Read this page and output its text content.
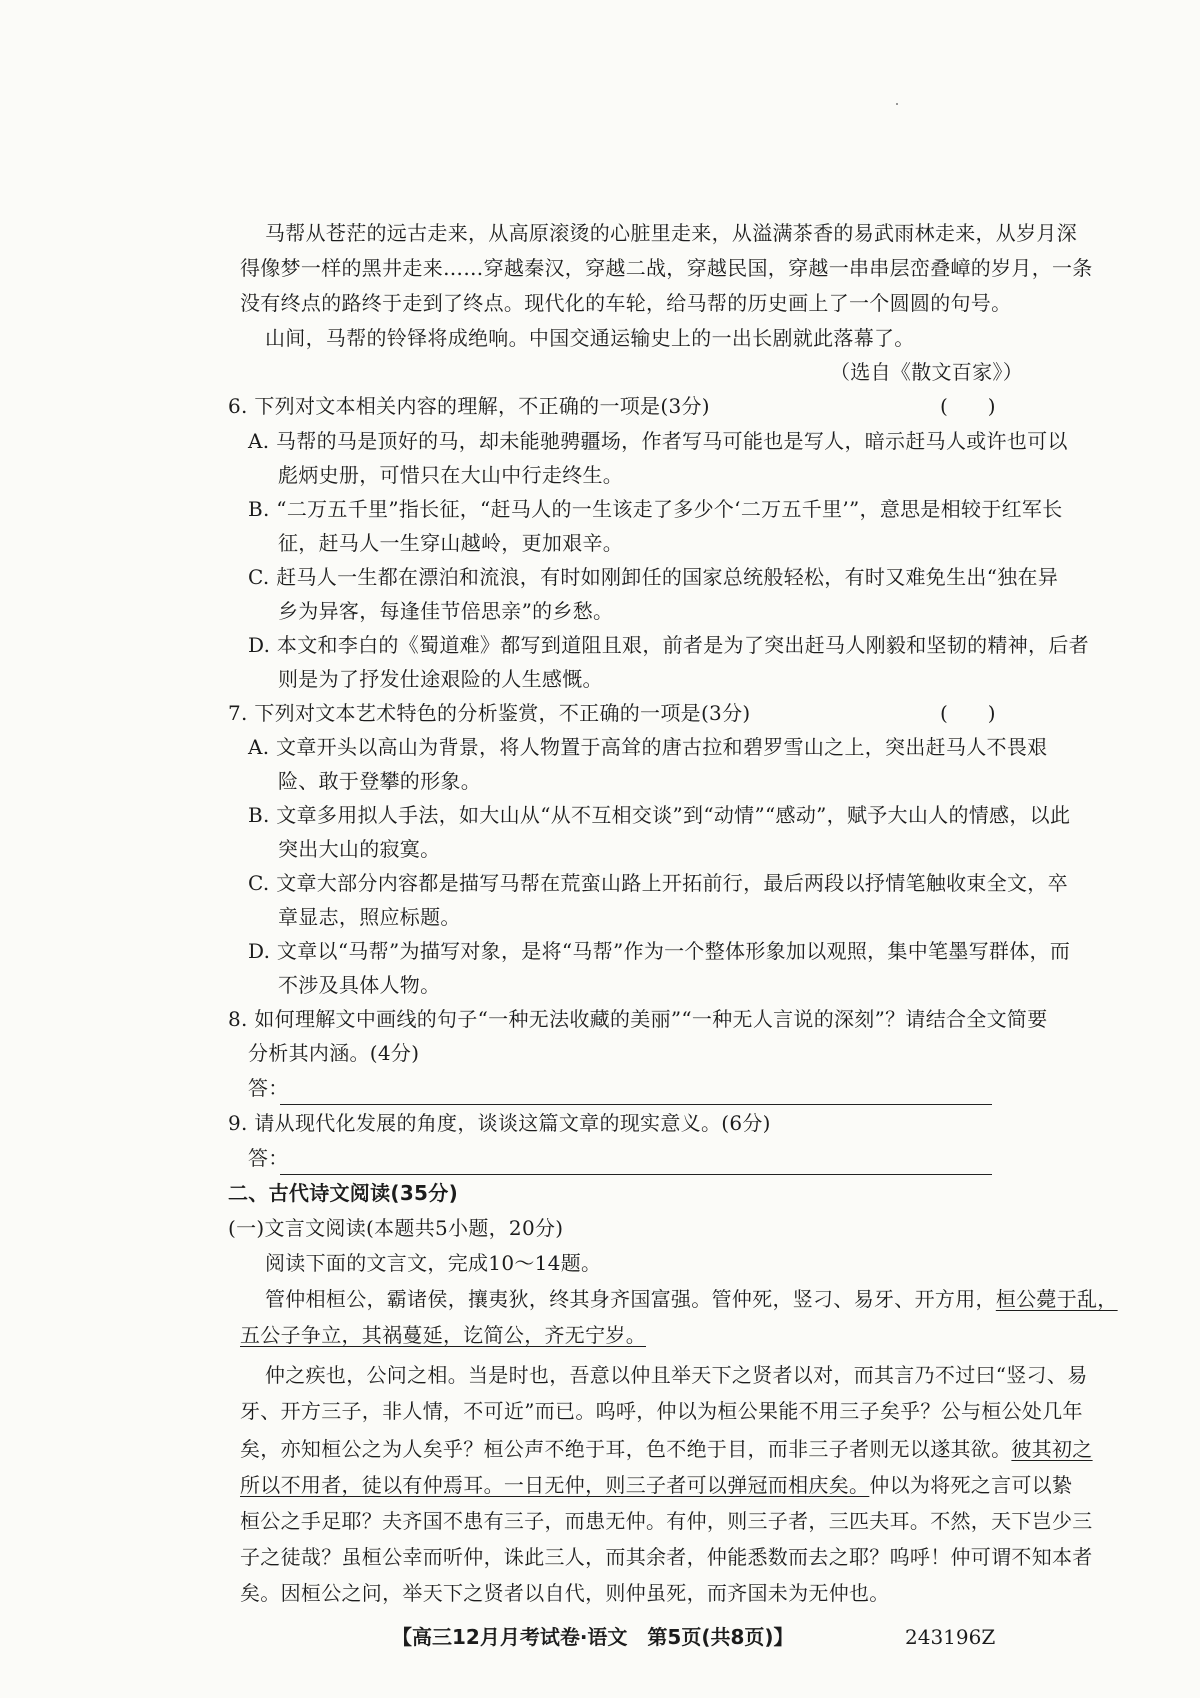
马帮从苍茫的远古走来，从高原滚烫的心脏里走来，从溢满茶香的易武雨林走来，从岁月深
得像梦一样的黑井走来……穿越秦汉，穿越二战，穿越民国，穿越一串串层峦叠嶂的岁月，一条
没有终点的路终于走到了终点。现代化的车轮，给马帮的历史画上了一个圆圆的句号。
山间，马帮的铃铎将成绝响。中国交通运输史上的一出长剧就此落幕了。
（选自《散文百家》）
6. 下列对文本相关内容的理解，不正确的一项是(3分)	(　　)
A. 马帮的马是顶好的马，却未能驰骋疆场，作者写马可能也是写人，暗示赶马人或许也可以
彪炳史册，可惜只在大山中行走终生。
B. “二万五千里”指长征，“赶马人的一生该走了多少个‘二万五千里’”，意思是相较于红军长
征，赶马人一生穿山越岭，更加艰辛。
C. 赶马人一生都在漂泊和流浪，有时如刚卸任的国家总统般轻松，有时又难免生出“独在异
乡为异客，每逢佳节倍思亲”的乡愁。
D. 本文和李白的《蜀道难》都写到道阻且艰，前者是为了突出赶马人刚毅和坚韧的精神，后者
则是为了抒发仕途艰险的人生感慨。
7. 下列对文本艺术特色的分析鉴赏，不正确的一项是(3分)	(　　)
A. 文章开头以高山为背景，将人物置于高耸的唐古拉和碧罗雪山之上，突出赶马人不畏艰
险、敢于登攀的形象。
B. 文章多用拟人手法，如大山从“从不互相交谈”到“动情”“感动”，赋予大山人的情感，以此
突出大山的寂寞。
C. 文章大部分内容都是描写马帮在荒蛮山路上开拓前行，最后两段以抒情笔触收束全文，卒
章显志，照应标题。
D. 文章以“马帮”为描写对象，是将“马帮”作为一个整体形象加以观照，集中笔墨写群体，而
不涉及具体人物。
8. 如何理解文中画线的句子“一种无法收藏的美丽”“一种无人言说的深刻”？请结合全文简要
分析其内涵。(4分)
答：
9. 请从现代化发展的角度，谈谈这篇文章的现实意义。(6分)
答：
二、古代诗文阅读(35分)
(一)文言文阅读(本题共5小题，20分)
阅读下面的文言文，完成10～14题。
管仲相桓公，霸诸侯，攘夷狄，终其身齐国富强。管仲死，竖刁、易牙、开方用，桓公薨于乱，
五公子争立，其祸蔓延，讫简公，齐无宁岁。
仲之疾也，公问之相。当是时也，吾意以仲且举天下之贤者以对，而其言乃不过曰“竖刁、易
牙、开方三子，非人情，不可近”而已。呜呼，仲以为桓公果能不用三子矣乎？公与桓公处几年
矣，亦知桓公之为人矣乎？桓公声不绝于耳，色不绝于目，而非三子者则无以遂其欲。彼其初之
所以不用者，徒以有仲焉耳。一日无仲，则三子者可以弹冠而相庆矣。仲以为将死之言可以絷
桓公之手足耶？夫齐国不患有三子，而患无仲。有仲，则三子者，三匹夫耳。不然，天下岂少三
子之徒哉？虽桓公幸而听仲，诛此三人，而其余者，仲能悉数而去之耶？呜呼！仲可谓不知本者
矣。因桓公之问，举天下之贤者以自代，则仲虽死，而齐国未为无仲也。
【高三12月月考试卷·语文　第5页(共8页)】	243196Z
